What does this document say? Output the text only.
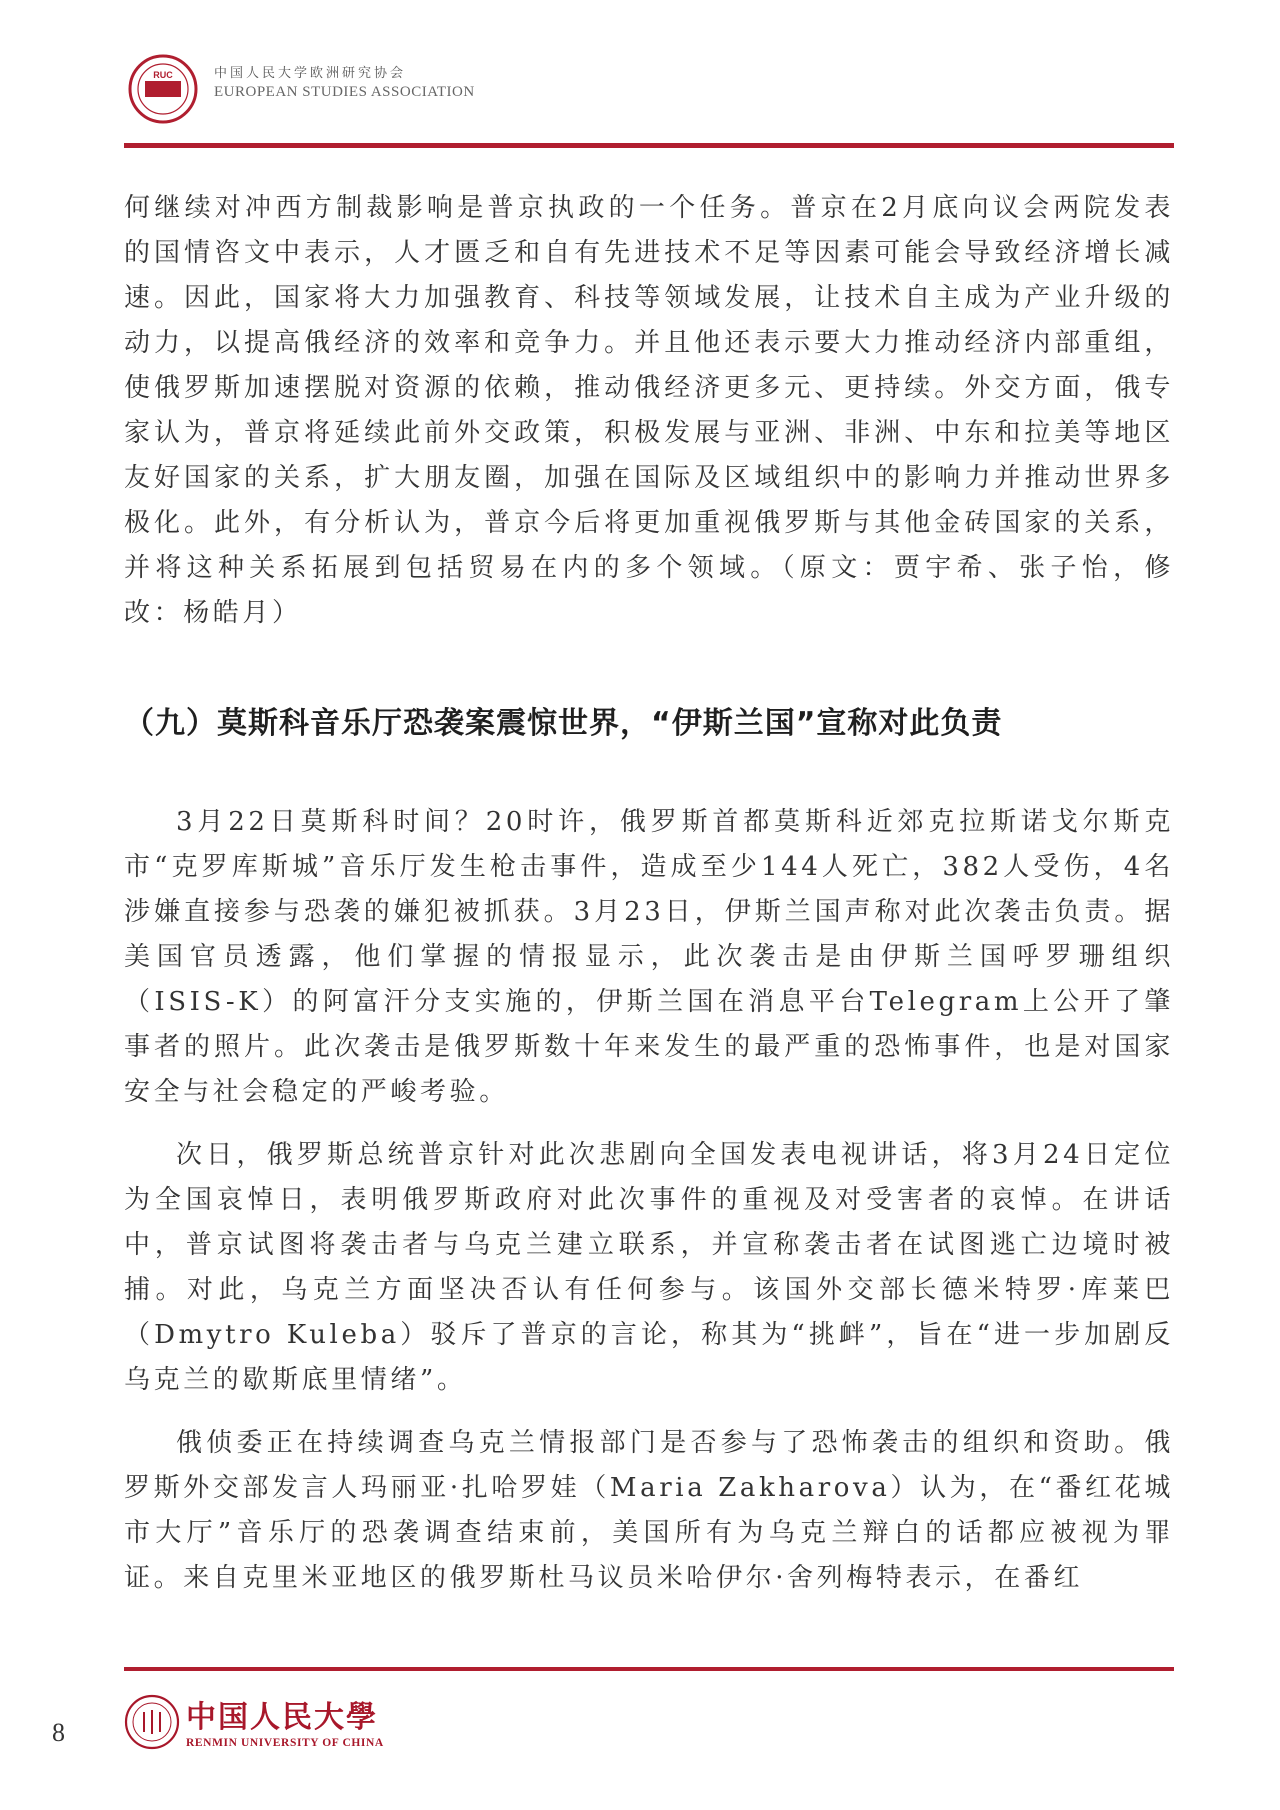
RUC	中国人民大学欧洲研究协会
EUROPEAN STUDIES ASSOCIATION

何继续对冲西方制裁影响是普京执政的一个任务。普京在2月底向议会两院发表的国情咨文中表示，人才匮乏和自有先进技术不足等因素可能会导致经济增长减速。因此，国家将大力加强教育、科技等领域发展，让技术自主成为产业升级的动力，以提高俄经济的效率和竞争力。并且他还表示要大力推动经济内部重组，使俄罗斯加速摆脱对资源的依赖，推动俄经济更多元、更持续。外交方面，俄专家认为，普京将延续此前外交政策，积极发展与亚洲、非洲、中东和拉美等地区友好国家的关系，扩大朋友圈，加强在国际及区域组织中的影响力并推动世界多极化。此外，有分析认为，普京今后将更加重视俄罗斯与其他金砖国家的关系，并将这种关系拓展到包括贸易在内的多个领域。（原文：贾宇希、张子怡，修改：杨皓月）

（九）莫斯科音乐厅恐袭案震惊世界，“伊斯兰国”宣称对此负责

3月22日莫斯科时间？20时许，俄罗斯首都莫斯科近郊克拉斯诺戈尔斯克市“克罗库斯城”音乐厅发生枪击事件，造成至少144人死亡，382人受伤，4名涉嫌直接参与恐袭的嫌犯被抓获。3月23日，伊斯兰国声称对此次袭击负责。据美国官员透露，他们掌握的情报显示，此次袭击是由伊斯兰国呼罗珊组织（ISIS-K）的阿富汗分支实施的，伊斯兰国在消息平台Telegram上公开了肇事者的照片。此次袭击是俄罗斯数十年来发生的最严重的恐怖事件，也是对国家安全与社会稳定的严峻考验。

次日，俄罗斯总统普京针对此次悲剧向全国发表电视讲话，将3月24日定位为全国哀悼日，表明俄罗斯政府对此次事件的重视及对受害者的哀悼。在讲话中，普京试图将袭击者与乌克兰建立联系，并宣称袭击者在试图逃亡边境时被捕。对此，乌克兰方面坚决否认有任何参与。该国外交部长德米特罗·库莱巴（Dmytro Kuleba）驳斥了普京的言论，称其为“挑衅”，旨在“进一步加剧反乌克兰的歇斯底里情绪”。

俄侦委正在持续调查乌克兰情报部门是否参与了恐怖袭击的组织和资助。俄罗斯外交部发言人玛丽亚·扎哈罗娃（Maria Zakharova）认为，在“番红花城市大厅”音乐厅的恐袭调查结束前，美国所有为乌克兰辩白的话都应被视为罪证。来自克里米亚地区的俄罗斯杜马议员米哈伊尔·舍列梅特表示，在番红

8	中国人民大學
RENMIN UNIVERSITY OF CHINA
